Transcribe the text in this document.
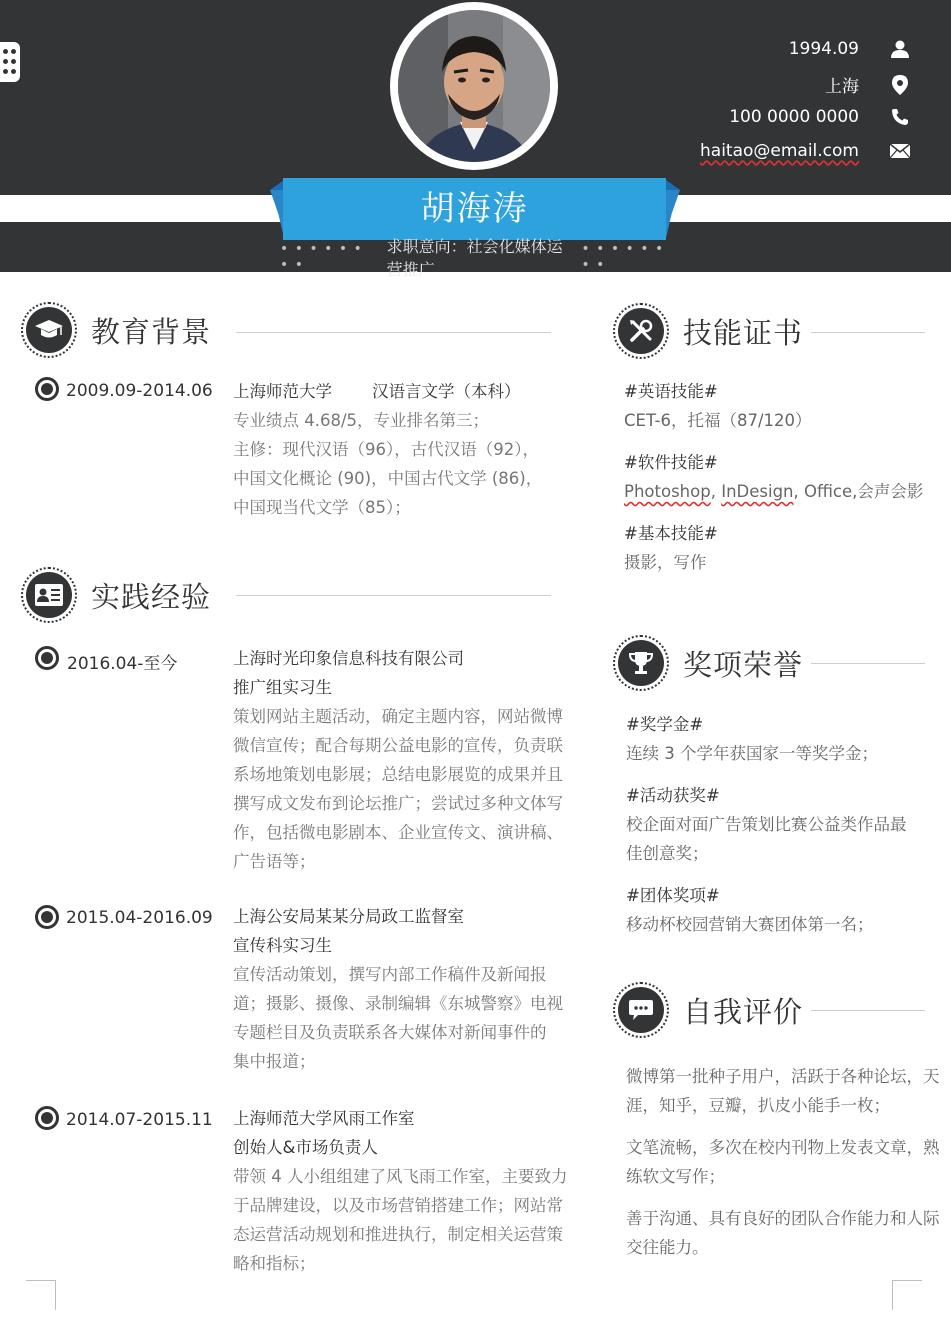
胡海涛
• • • • • • • •
求职意向：社会化媒体运营推广
• • • • • • • •
1994.09
上海
100 0000 0000
haitao@email.com
教育背景
2009.09-2014.06 上海师范大学 汉语言文学（本科）
专业绩点 4.68/5，专业排名第三；
主修：现代汉语（96），古代汉语（92），
中国文化概论 (90)，中国古代文学 (86)，
中国现当代文学（85）；
实践经验
2016.04-至今	上海时光印象信息科技有限公司
推广组实习生
策划网站主题活动，确定主题内容，网站微博
微信宣传；配合每期公益电影的宣传，负责联
系场地策划电影展；总结电影展览的成果并且
撰写成文发布到论坛推广；尝试过多种文体写
作，包括微电影剧本、企业宣传文、演讲稿、
广告语等；
2015.04-2016.09 上海公安局某某分局政工监督室
宣传科实习生
宣传活动策划，撰写内部工作稿件及新闻报
道；摄影、摄像、录制编辑《东城警察》电视
专题栏目及负责联系各大媒体对新闻事件的
集中报道；
2014.07-2015.11 上海师范大学风雨工作室
创始人&市场负责人
带领 4 人小组组建了风飞雨工作室，主要致力
于品牌建设，以及市场营销搭建工作；网站常
态运营活动规划和推进执行，制定相关运营策
略和指标；
技能证书
#英语技能#
CET-6，托福（87/120）
#软件技能#
Photoshop, InDesign, Office,会声会影
#基本技能#
摄影，写作
奖项荣誉
#奖学金#
连续 3 个学年获国家一等奖学金；
#活动获奖#
校企面对面广告策划比赛公益类作品最
佳创意奖；
#团体奖项#
移动杯校园营销大赛团体第一名；
自我评价
微博第一批种子用户，活跃于各种论坛，天
涯，知乎，豆瓣，扒皮小能手一枚；
文笔流畅，多次在校内刊物上发表文章，熟
练软文写作；
善于沟通、具有良好的团队合作能力和人际
交往能力。
